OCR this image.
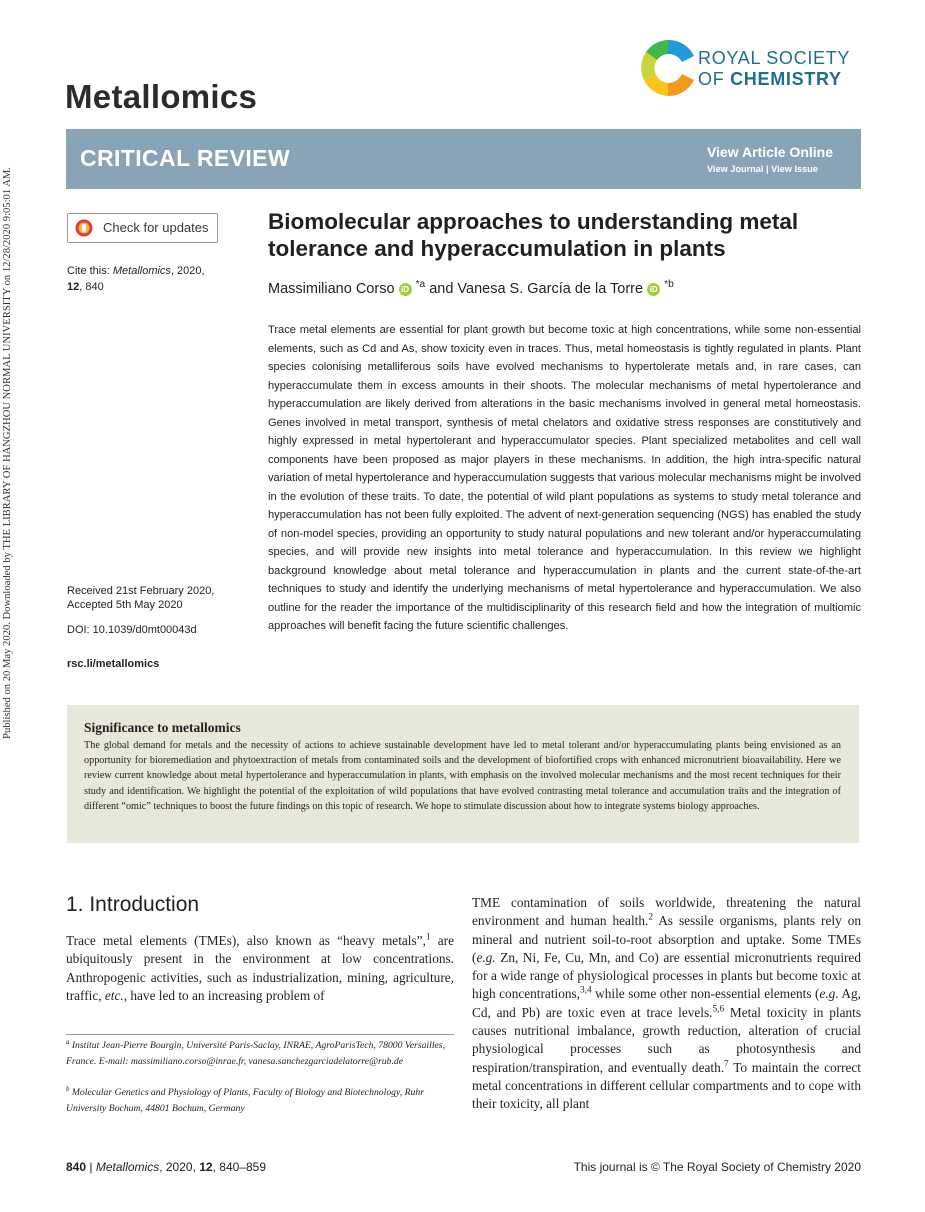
Published on 20 May 2020. Downloaded by THE LIBRARY OF HANGZHOU NORMAL UNIVERSITY on 12/28/2020 9:05:01 AM.
Metallomics
ROYAL SOCIETY
OF CHEMISTRY
CRITICAL REVIEW	View Article Online
View Journal | View Issue
Check for updates
Cite this: Metallomics, 2020,
12, 840
Received 21st February 2020,
Accepted 5th May 2020
DOI: 10.1039/d0mt00043d
rsc.li/metallomics
Biomolecular approaches to understanding metal tolerance and hyperaccumulation in plants
Massimiliano Corso iD $^{*a}$ and Vanesa S. García de la Torre iD $^{*b}$
Trace metal elements are essential for plant growth but become toxic at high concentrations, while some non-essential elements, such as Cd and As, show toxicity even in traces. Thus, metal homeostasis is tightly regulated in plants. Plant species colonising metalliferous soils have evolved mechanisms to hypertolerate metals and, in rare cases, can hyperaccumulate them in excess amounts in their shoots. The molecular mechanisms of metal hypertolerance and hyperaccumulation are likely derived from alterations in the basic mechanisms involved in general metal homeostasis. Genes involved in metal transport, synthesis of metal chelators and oxidative stress responses are constitutively and highly expressed in metal hypertolerant and hyperaccumulator species. Plant specialized metabolites and cell wall components have been proposed as major players in these mechanisms. In addition, the high intra-specific natural variation of metal hypertolerance and hyperaccumulation suggests that various molecular mechanisms might be involved in the evolution of these traits. To date, the potential of wild plant populations as systems to study metal tolerance and hyperaccumulation has not been fully exploited. The advent of next-generation sequencing (NGS) has enabled the study of non-model species, providing an opportunity to study natural populations and new tolerant and/or hyperaccumulating species, and will provide new insights into metal tolerance and hyperaccumulation. In this review we highlight background knowledge about metal tolerance and hyperaccumulation in plants and the current state-of-the-art techniques to study and identify the underlying mechanisms of metal hypertolerance and hyperaccumulation. We also outline for the reader the importance of the multidisciplinarity of this research field and how the integration of multiomic approaches will benefit facing the future scientific challenges.
Significance to metallomics
The global demand for metals and the necessity of actions to achieve sustainable development have led to metal tolerant and/or hyperaccumulating plants being envisioned as an opportunity for bioremediation and phytoextraction of metals from contaminated soils and the development of biofortified crops with enhanced micronutrient bioavailability. Here we review current knowledge about metal hypertolerance and hyperaccumulation in plants, with emphasis on the involved molecular mechanisms and the most recent techniques for their study and identification. We highlight the potential of the exploitation of wild populations that have evolved contrasting metal tolerance and accumulation traits and the integration of different “omic” techniques to boost the future findings on this topic of research. We hope to stimulate discussion about how to integrate systems biology approaches.
1. Introduction
Trace metal elements (TMEs), also known as “heavy metals”,$^1$ are ubiquitously present in the environment at low concentrations. Anthropogenic activities, such as industrialization, mining, agriculture, traffic, etc., have led to an increasing problem of
$^a$ Institut Jean-Pierre Bourgin, Université Paris-Saclay, INRAE, AgroParisTech, 78000 Versailles, France. E-mail: massimiliano.corso@inrae.fr, vanesa.sanchezgarciadelatorre@rub.de
$^b$ Molecular Genetics and Physiology of Plants, Faculty of Biology and Biotechnology, Ruhr University Bochum, 44801 Bochum, Germany
TME contamination of soils worldwide, threatening the natural environment and human health.$^2$ As sessile organisms, plants rely on mineral and nutrient soil-to-root absorption and uptake. Some TMEs (e.g. Zn, Ni, Fe, Cu, Mn, and Co) are essential micronutrients required for a wide range of physiological processes in plants but become toxic at high concentrations,$^{3,4}$ while some other non-essential elements (e.g. Ag, Cd, and Pb) are toxic even at trace levels.$^{5,6}$ Metal toxicity in plants causes nutritional imbalance, growth reduction, alteration of crucial physiological processes such as photosynthesis and respiration/transpiration, and eventually death.$^7$ To maintain the correct metal concentrations in different cellular compartments and to cope with their toxicity, all plant
840 | Metallomics, 2020, 12, 840–859	This journal is © The Royal Society of Chemistry 2020
